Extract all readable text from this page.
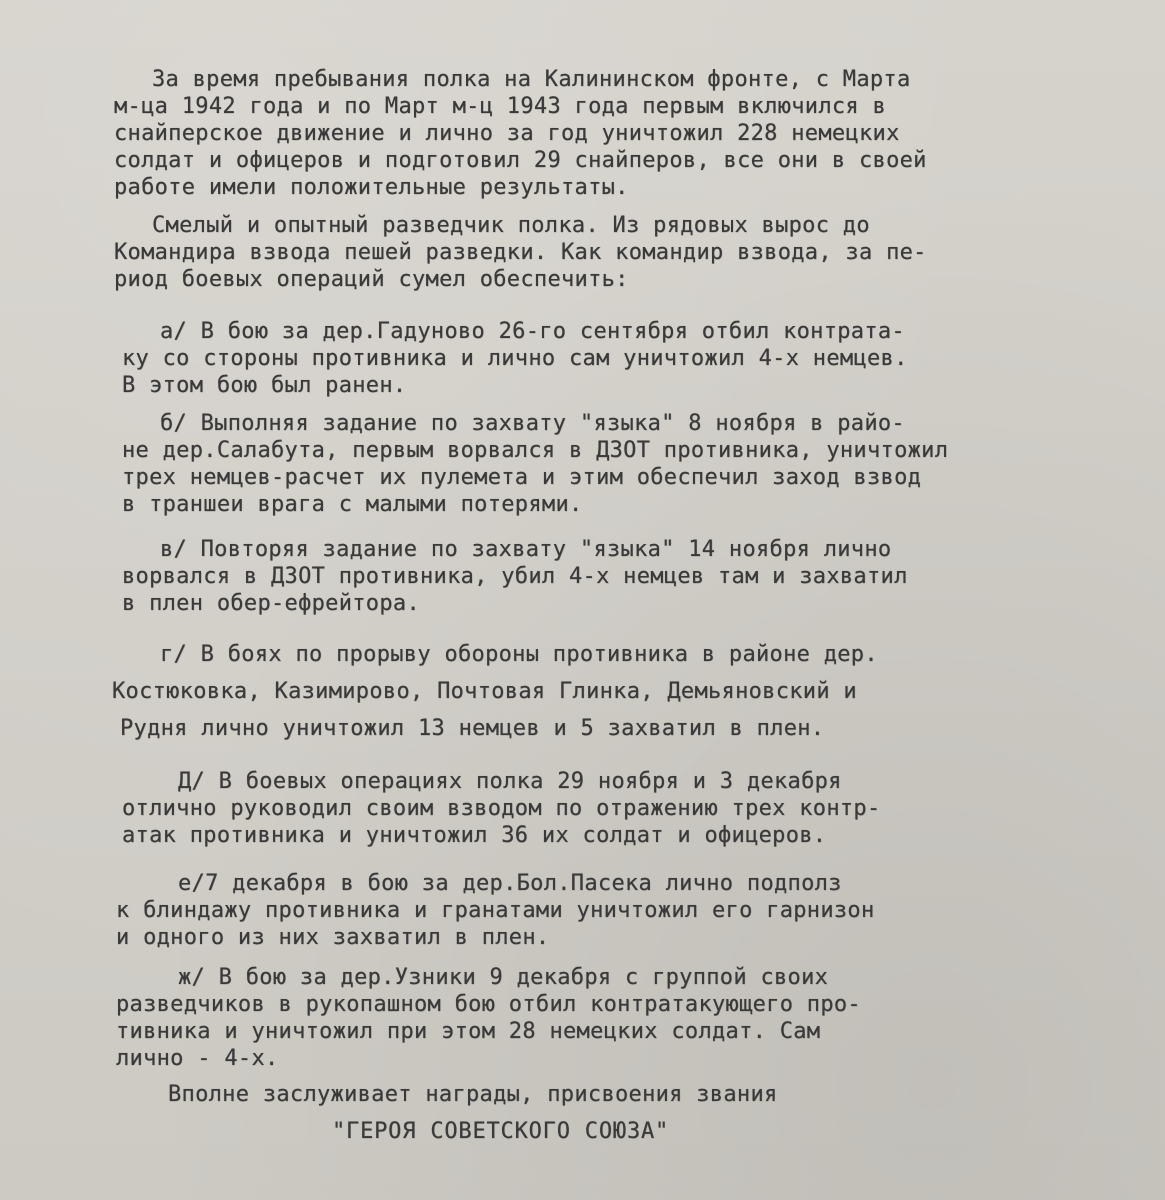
За время пребывания полка на Калининском фронте, с Марта
м-ца 1942 года и по Март м-ц 1943 года первым включился в
снайперское движение и лично за год уничтожил 228 немецких
солдат и офицеров и подготовил 29 снайперов, все они в своей
работе имели положительные результаты.
Смелый и опытный разведчик полка. Из рядовых вырос до
Командира взвода пешей разведки. Как командир взвода, за пе-
риод боевых операций сумел обеспечить:
а/ В бою за дер.Гадуново 26-го сентября отбил контрата-
ку со стороны противника и лично сам уничтожил 4-х немцев.
В этом бою был ранен.
б/ Выполняя задание по захвату "языка" 8 ноября в райо-
не дер.Салабута, первым ворвался в ДЗОТ противника, уничтожил
трех немцев-расчет их пулемета и этим обеспечил заход взвод
в траншеи врага с малыми потерями.
в/ Повторяя задание по захвату "языка" 14 ноября лично
ворвался в ДЗОТ противника, убил 4-х немцев там и захватил
в плен обер-ефрейтора.
г/ В боях по прорыву обороны противника в районе дер.
Костюковка, Казимирово, Почтовая Глинка, Демьяновский и
Рудня лично уничтожил 13 немцев и 5 захватил в плен.
Д/ В боевых операциях полка 29 ноября и 3 декабря
отлично руководил своим взводом по отражению трех контр-
атак противника и уничтожил 36 их солдат и офицеров.
е/7 декабря в бою за дер.Бол.Пасека лично подполз
к блиндажу противника и гранатами уничтожил его гарнизон
и одного из них захватил в плен.
ж/ В бою за дер.Узники 9 декабря с группой своих
разведчиков в рукопашном бою отбил контратакующего про-
тивника и уничтожил при этом 28 немецких солдат. Сам
лично - 4-х.
Вполне заслуживает награды, присвоения звания
"ГЕРОЯ СОВЕТСКОГО СОЮЗА"
